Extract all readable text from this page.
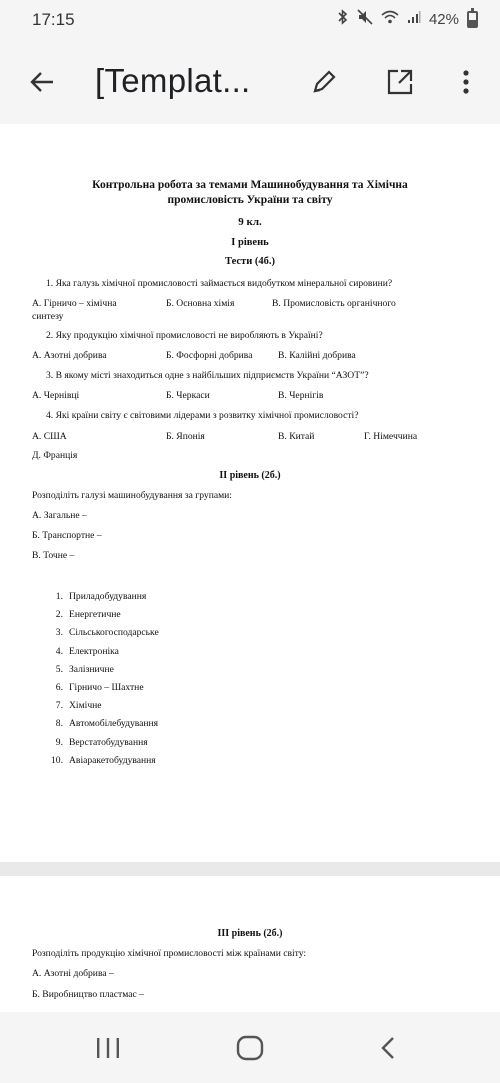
17:15	42%
[Templat...
Контрольна робота за темами Машинобудування та Хімічна
промисловість України та світу
9 кл.
І рівень
Тести (4б.)
1. Яка галузь хімічної промисловості займається видобутком мінеральної сировини?
А. Гірничо – хімічна	Б. Основна хімія	В. Промисловість органічного
синтезу
2. Яку продукцію хімічної промисловості не виробляють в Україні?
А. Азотні добрива	Б. Фосфорні добрива	В. Калійні добрива
3. В якому місті знаходиться одне з найбільших підприємств України “АЗОТ”?
А. Чернівці	Б. Черкаси	В. Чернігів
4. Які країни світу є світовими лідерами з розвитку хімічної промисловості?
А. США	Б. Японія	В. Китай	Г. Німеччина
Д. Франція
ІІ рівень (2б.)
Розподіліть галузі машинобудування за групами:
А. Загальне –
Б. Транспортне –
В. Точне –
1. Приладобудування
2. Енергетичне
3. Сільськогосподарське
4. Електроніка
5. Залізничне
6. Гірничо – Шахтне
7. Хімічне
8. Автомобілебудування
9. Верстатобудування
10. Авіаракетобудування
ІІІ рівень (2б.)
Розподіліть продукцію хімічної промисловості між країнами світу:
А. Азотні добрива –
Б. Виробництво пластмас –
